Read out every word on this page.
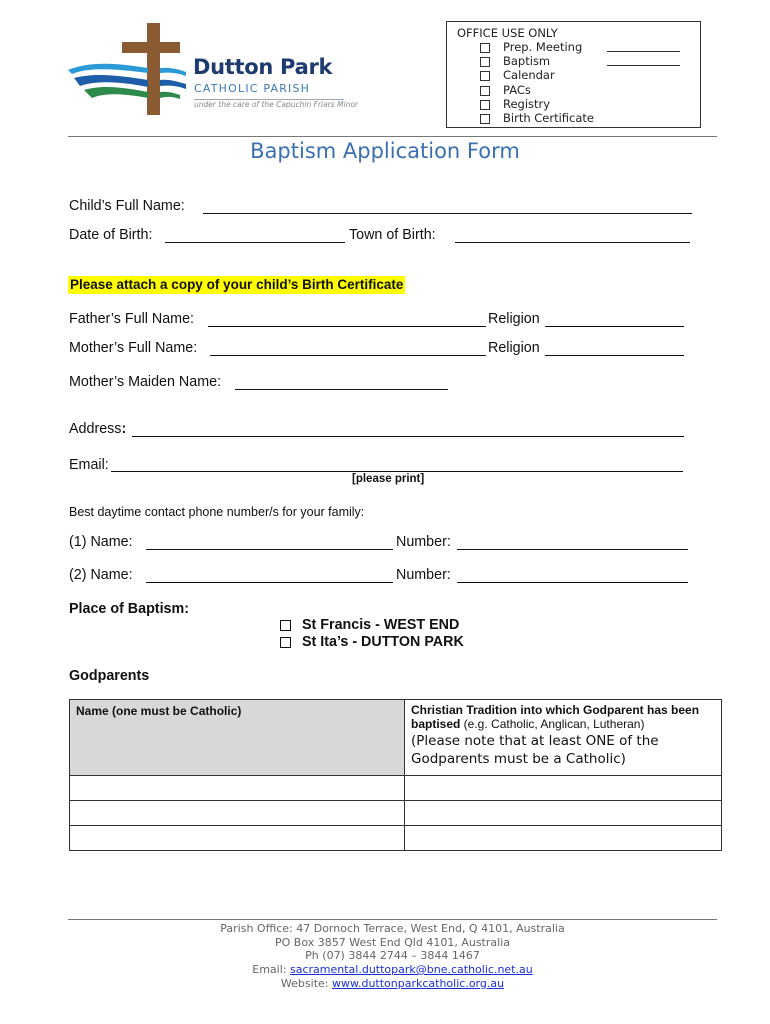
Dutton Park
CATHOLIC PARISH
under the care of the Capuchin Friars Minor
OFFICE USE ONLY
Prep. Meeting
Baptism
Calendar
PACs
Registry
Birth Certificate
Baptism Application Form
Child’s Full Name:
Date of Birth:	Town of Birth:
Please attach a copy of your child’s Birth Certificate
Father’s Full Name:	Religion
Mother’s Full Name:	Religion
Mother’s Maiden Name:
Address:
Email:
[please print]
Best daytime contact phone number/s for your family:
(1) Name:	Number:
(2) Name:	Number:
Place of Baptism:
St Francis - WEST END
St Ita’s - DUTTON PARK
Godparents
Name (one must be Catholic)	Christian Tradition into which Godparent has been baptised (e.g. Catholic, Anglican, Lutheran)
(Please note that at least ONE of the Godparents must be a Catholic)

Parish Office: 47 Dornoch Terrace, West End, Q 4101, Australia
PO Box 3857 West End Qld 4101, Australia
Ph (07) 3844 2744 – 3844 1467
Email: sacramental.duttopark@bne.catholic.net.au
Website: www.duttonparkcatholic.org.au
